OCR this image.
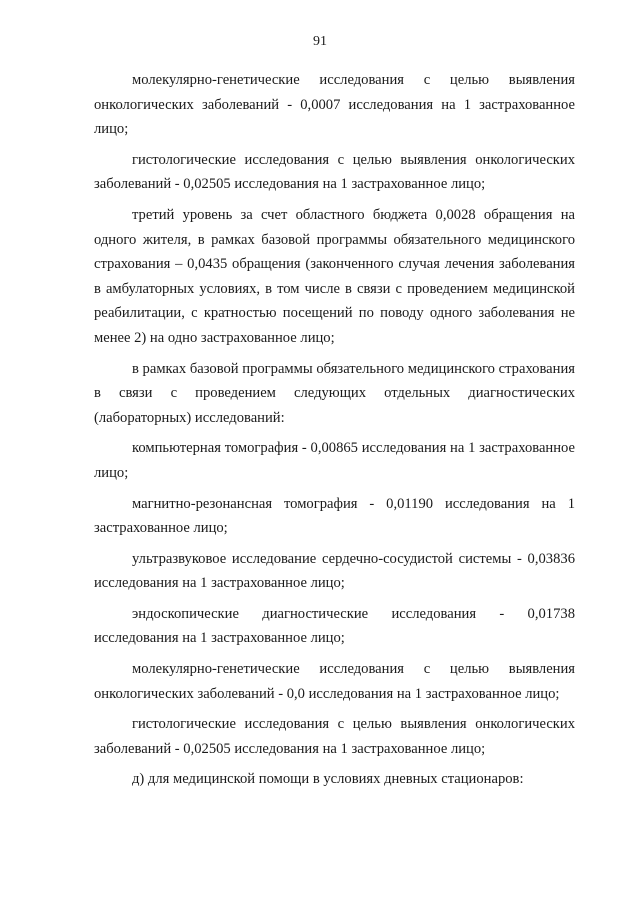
91

молекулярно-генетические исследования с целью выявления онкологических заболеваний - 0,0007 исследования на 1 застрахованное лицо;

гистологические исследования с целью выявления онкологических заболеваний - 0,02505 исследования на 1 застрахованное лицо;

третий уровень за счет областного бюджета 0,0028 обращения на одного жителя, в рамках базовой программы обязательного медицинского страхования – 0,0435 обращения (законченного случая лечения заболевания в амбулаторных условиях, в том числе в связи с проведением медицинской реабилитации, с кратностью посещений по поводу одного заболевания не менее 2) на одно застрахованное лицо;

в рамках базовой программы обязательного медицинского страхования в связи с проведением следующих отдельных диагностических (лабораторных) исследований:

компьютерная томография - 0,00865 исследования на 1 застрахованное лицо;

магнитно-резонансная томография - 0,01190 исследования на 1 застрахованное лицо;

ультразвуковое исследование сердечно-сосудистой системы - 0,03836 исследования на 1 застрахованное лицо;

эндоскопические диагностические исследования - 0,01738 исследования на 1 застрахованное лицо;

молекулярно-генетические исследования с целью выявления онкологических заболеваний - 0,0 исследования на 1 застрахованное лицо;

гистологические исследования с целью выявления онкологических заболеваний - 0,02505 исследования на 1 застрахованное лицо;

д) для медицинской помощи в условиях дневных стационаров:
